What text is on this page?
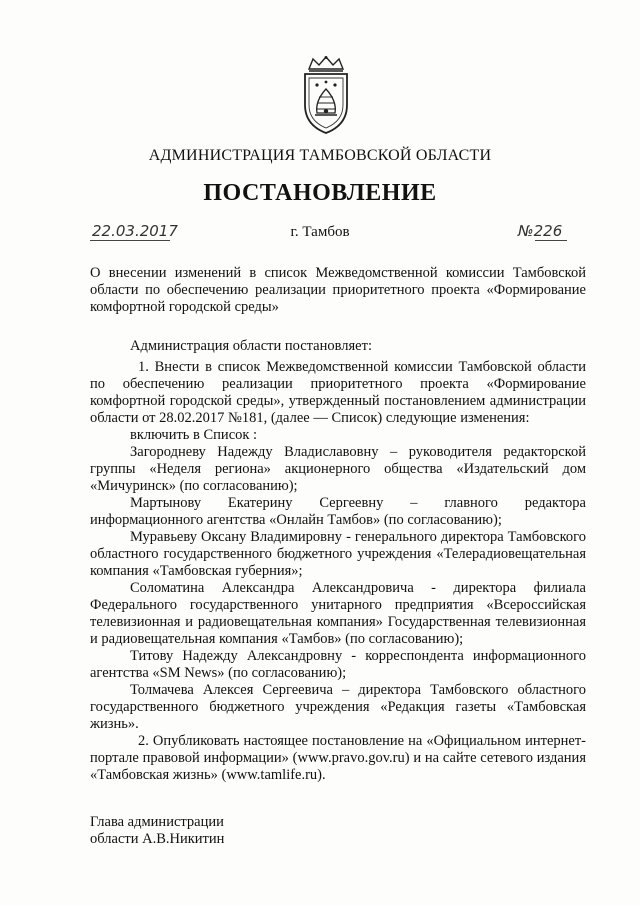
АДМИНИСТРАЦИЯ ТАМБОВСКОЙ ОБЛАСТИ
ПОСТАНОВЛЕНИЕ
22.03.2017	г. Тамбов	№226
О внесении изменений в список Межведомственной комиссии Тамбовской области по обеспечению реализации приоритетного проекта «Формирование комфортной городской среды»

Администрация области постановляет:

1. Внести в список Межведомственной комиссии Тамбовской области по обеспечению реализации приоритетного проекта «Формирование комфортной городской среды», утвержденный постановлением администрации области от 28.02.2017 №181, (далее — Список) следующие изменения:

включить в Список :

Загородневу Надежду Владиславовну – руководителя редакторской группы «Неделя региона» акционерного общества «Издательский дом «Мичуринск» (по согласованию);

Мартынову Екатерину Сергеевну – главного редактора информационного агентства «Онлайн Тамбов» (по согласованию);

Муравьеву Оксану Владимировну - генерального директора Тамбовского областного государственного бюджетного учреждения «Телерадиовещательная компания «Тамбовская губерния»;

Соломатина Александра Александровича - директора филиала Федерального государственного унитарного предприятия «Всероссийская телевизионная и радиовещательная компания» Государственная телевизионная и радиовещательная компания «Тамбов» (по согласованию);

Титову Надежду Александровну - корреспондента информационного агентства «SM News» (по согласованию);

Толмачева Алексея Сергеевича – директора Тамбовского областного государственного бюджетного учреждения «Редакция газеты «Тамбовская жизнь».

2. Опубликовать настоящее постановление на «Официальном интернет-портале правовой информации» (www.pravo.gov.ru) и на сайте сетевого издания «Тамбовская жизнь» (www.tamlife.ru).

Глава администрации
области А.В.Никитин
